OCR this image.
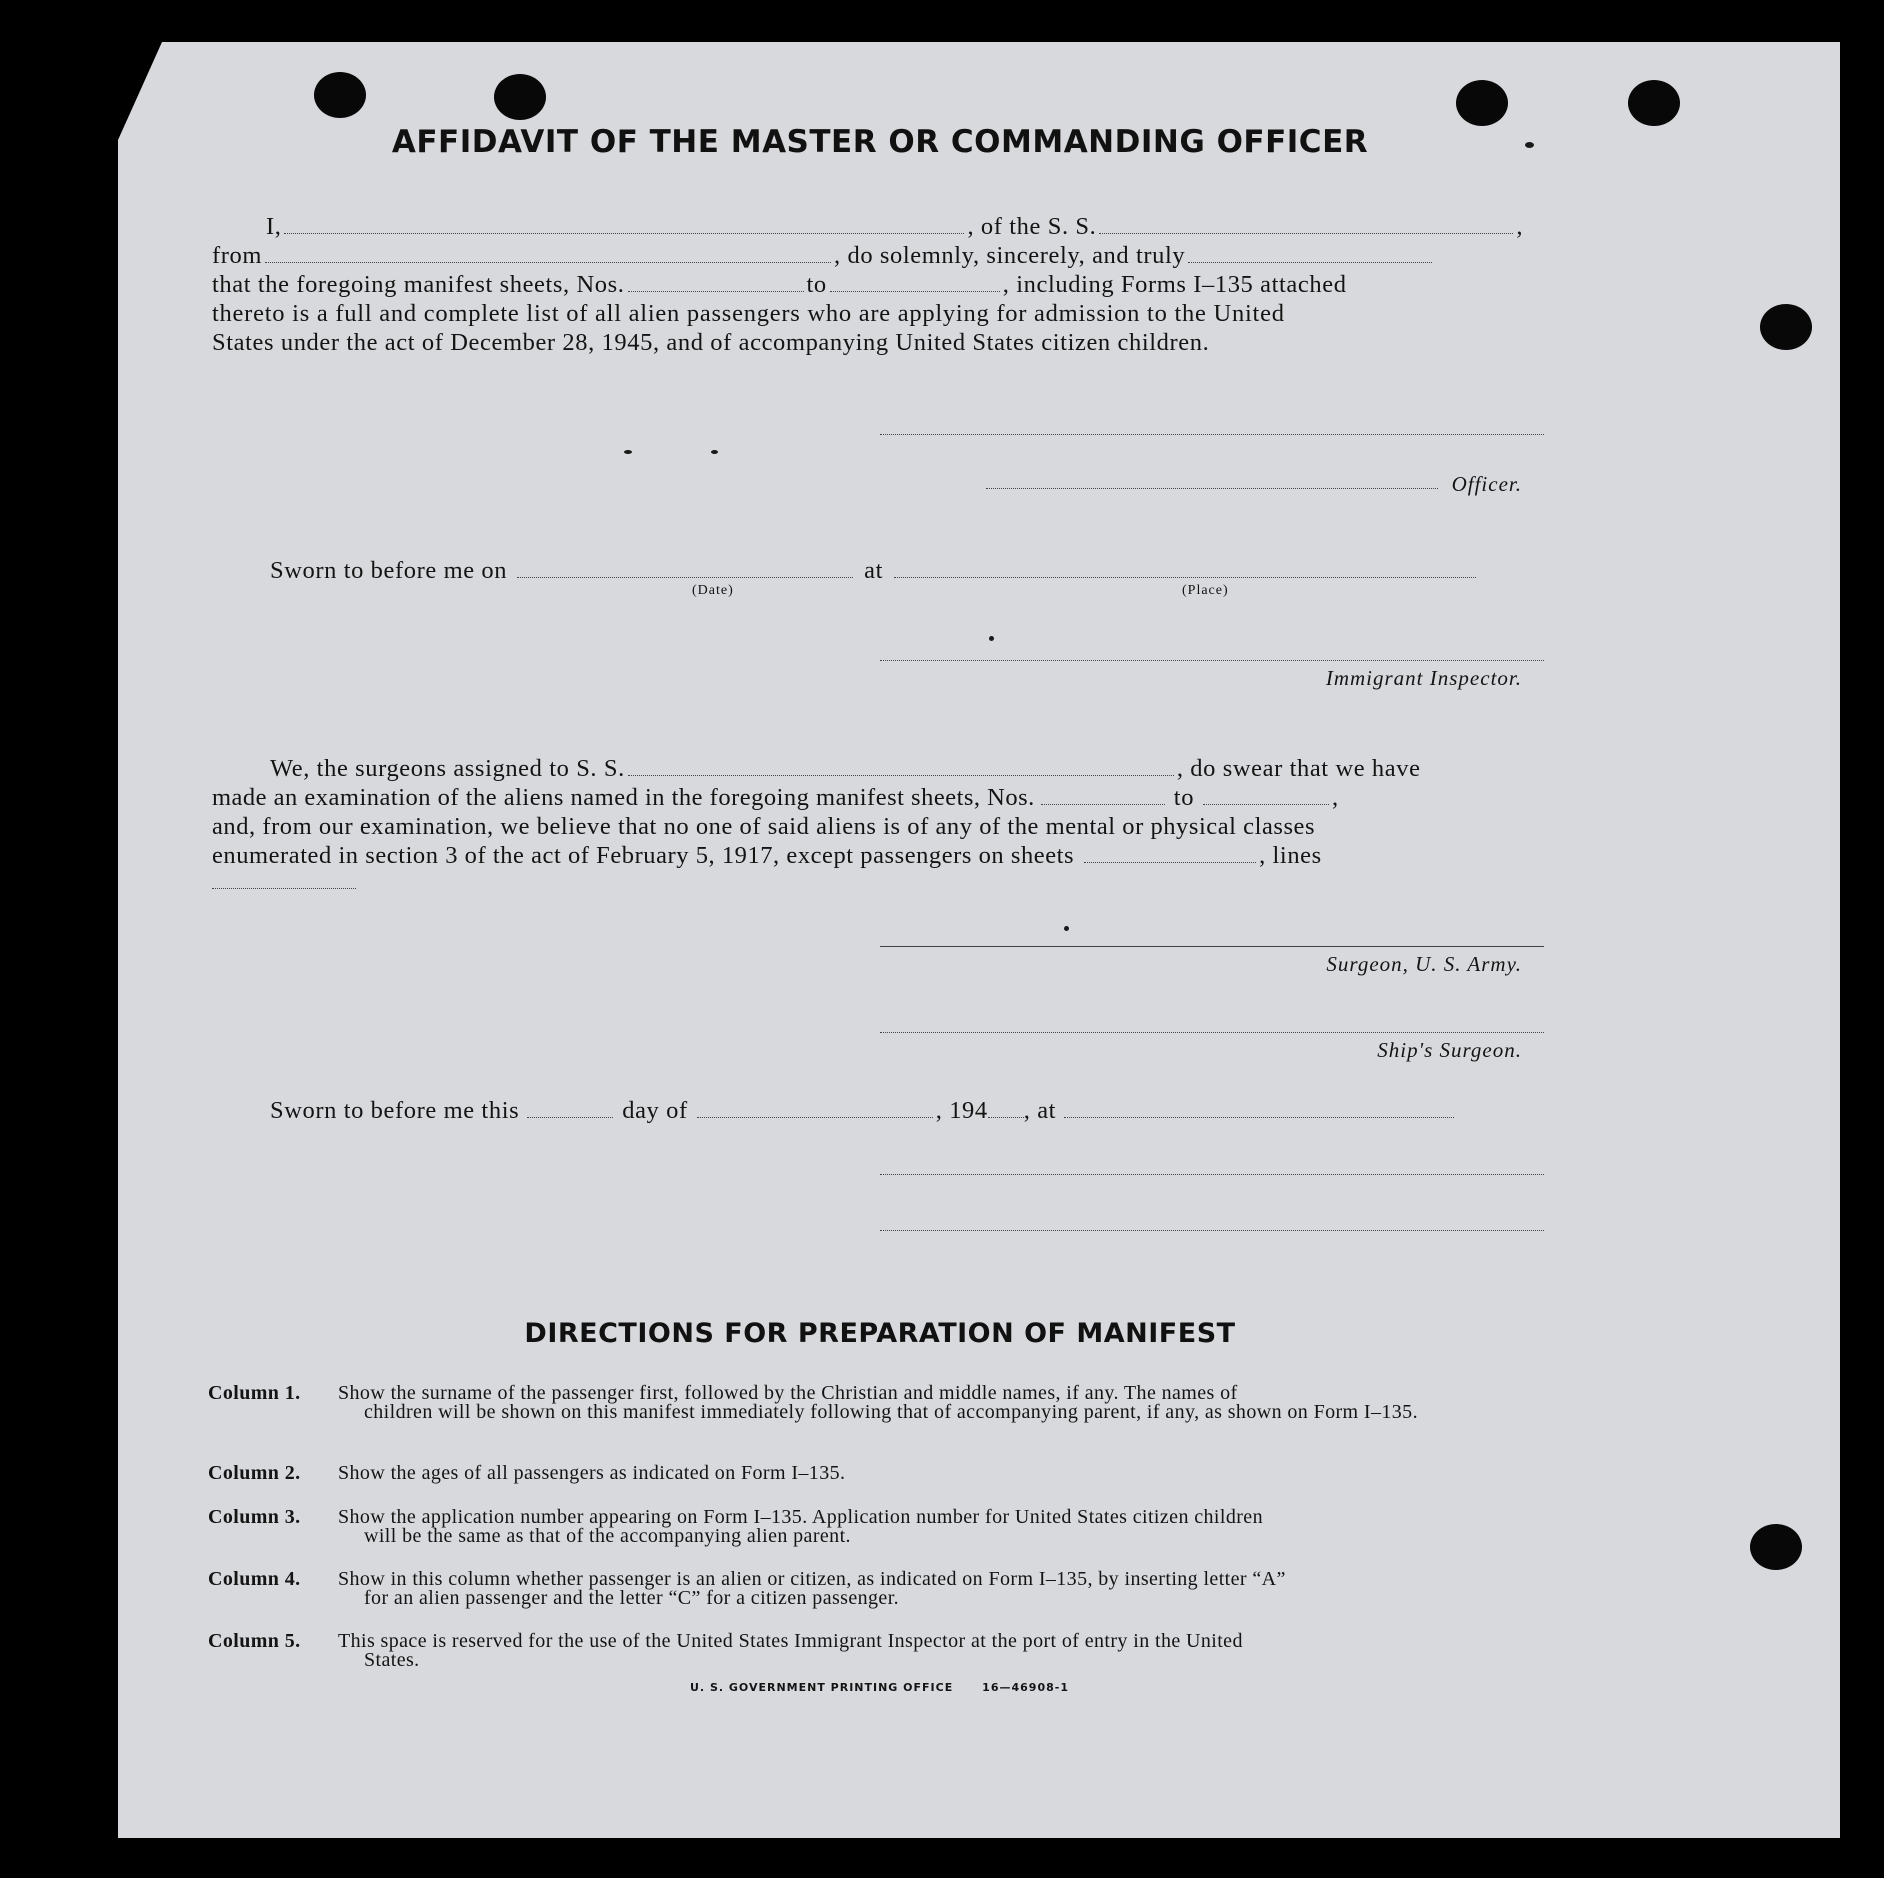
AFFIDAVIT OF THE MASTER OR COMMANDING OFFICER
I,	, of the S. S.	,
from	, do solemnly, sincerely, and truly
that the foregoing manifest sheets, Nos.	to	, including Forms I–135 attached
thereto is a full and complete list of all alien passengers who are applying for admission to the United
States under the act of December 28, 1945, and of accompanying United States citizen children.
Officer.
Sworn to before me on	at
(Date)	(Place)
Immigrant Inspector.
We, the surgeons assigned to S. S.	, do swear that we have
made an examination of the aliens named in the foregoing manifest sheets, Nos.	to	,
and, from our examination, we believe that no one of said aliens is of any of the mental or physical classes
enumerated in section 3 of the act of February 5, 1917, except passengers on sheets	, lines
Surgeon, U. S. Army.
Ship's Surgeon.
Sworn to before me this	day of	, 194 , at
DIRECTIONS FOR PREPARATION OF MANIFEST
Column 1.	Show the surname of the passenger first, followed by the Christian and middle names, if any. The names of
children will be shown on this manifest immediately following that of accompanying parent, if any, as shown on Form I–135.
Column 2.	Show the ages of all passengers as indicated on Form I–135.
Column 3.	Show the application number appearing on Form I–135. Application number for United States citizen children
will be the same as that of the accompanying alien parent.
Column 4.	Show in this column whether passenger is an alien or citizen, as indicated on Form I–135, by inserting letter “A”
for an alien passenger and the letter “C” for a citizen passenger.
Column 5.	This space is reserved for the use of the United States Immigrant Inspector at the port of entry in the United
States.
U. S. GOVERNMENT PRINTING OFFICE      16—46908-1
